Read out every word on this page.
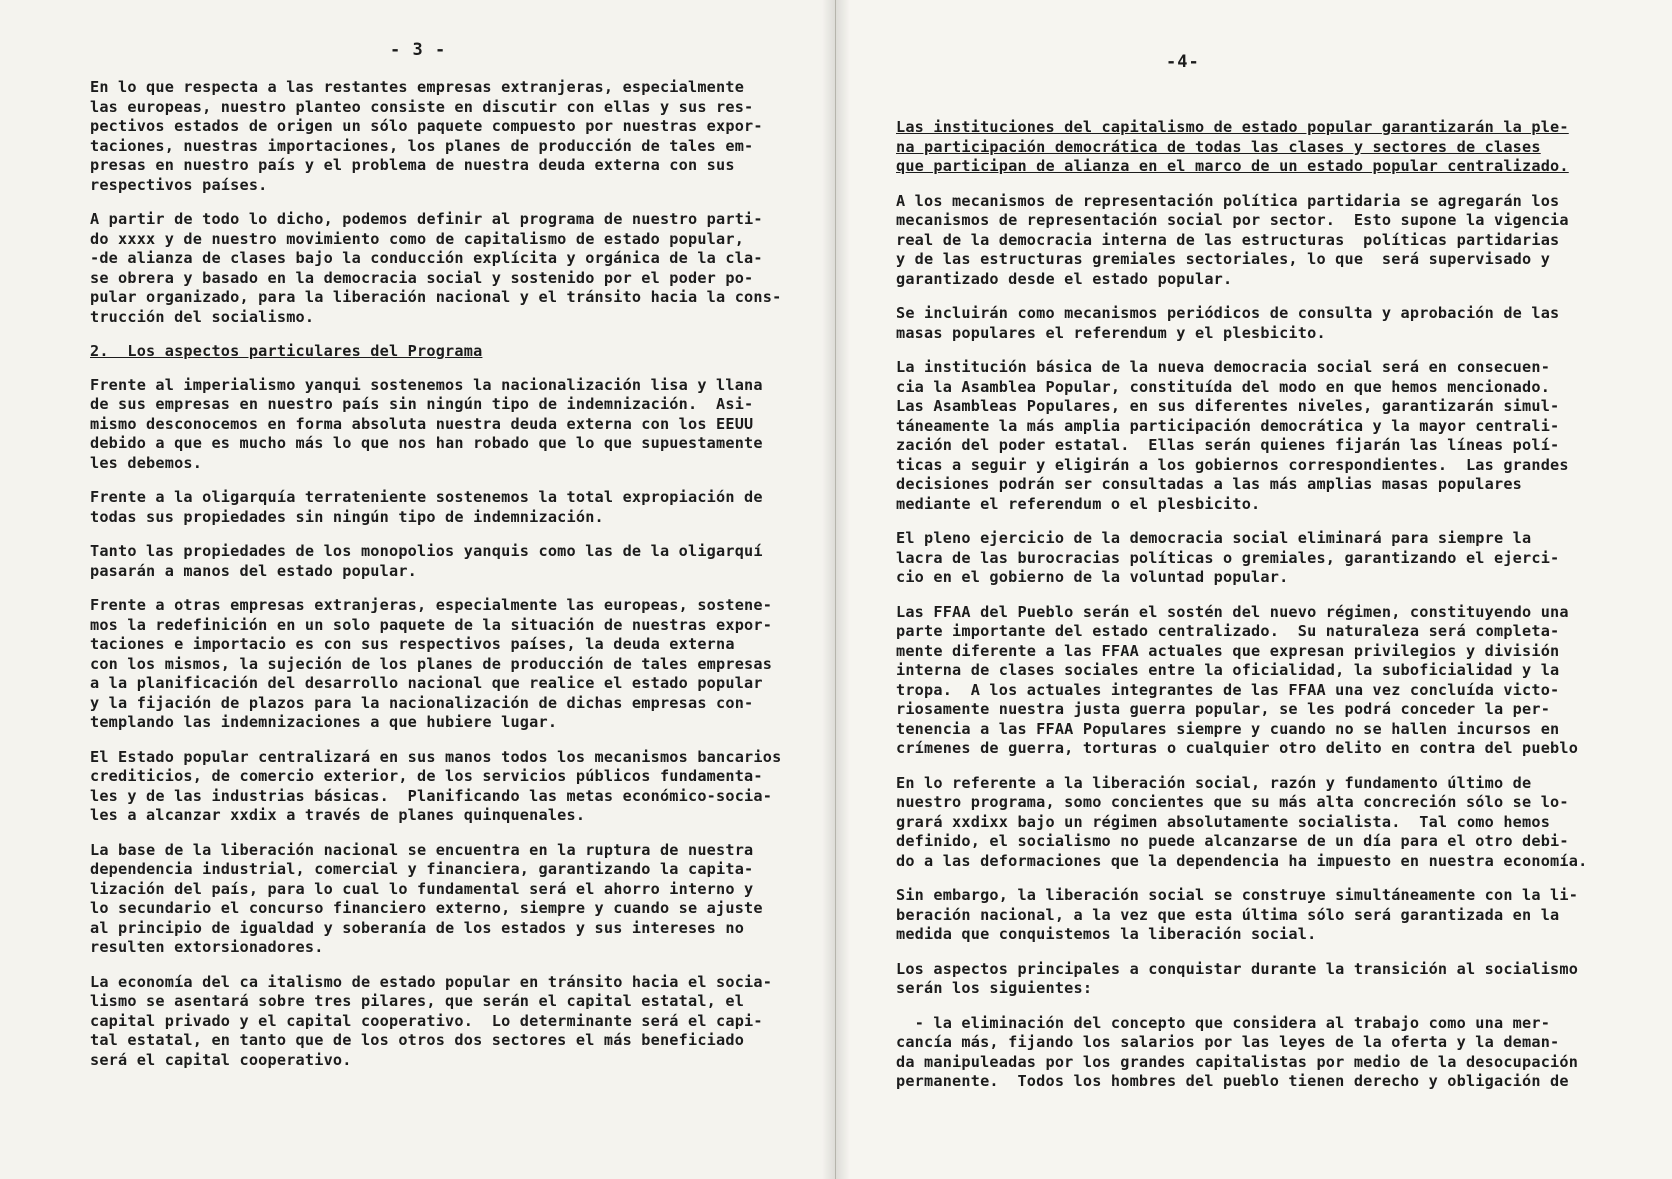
- 3 -

En lo que respecta a las restantes empresas extranjeras, especialmente
las europeas, nuestro planteo consiste en discutir con ellas y sus res-
pectivos estados de origen un sólo paquete compuesto por nuestras expor-
taciones, nuestras importaciones, los planes de producción de tales em-
presas en nuestro país y el problema de nuestra deuda externa con sus
respectivos países.

A partir de todo lo dicho, podemos definir al programa de nuestro parti-
do xxxx y de nuestro movimiento como de capitalismo de estado popular,
-de alianza de clases bajo la conducción explícita y orgánica de la cla-
se obrera y basado en la democracia social y sostenido por el poder po-
pular organizado, para la liberación nacional y el tránsito hacia la cons-
trucción del socialismo.

2.  Los aspectos particulares del Programa

Frente al imperialismo yanqui sostenemos la nacionalización lisa y llana
de sus empresas en nuestro país sin ningún tipo de indemnización.  Asi-
mismo desconocemos en forma absoluta nuestra deuda externa con los EEUU
debido a que es mucho más lo que nos han robado que lo que supuestamente
les debemos.

Frente a la oligarquía terrateniente sostenemos la total expropiación de
todas sus propiedades sin ningún tipo de indemnización.

Tanto las propiedades de los monopolios yanquis como las de la oligarquí
pasarán a manos del estado popular.

Frente a otras empresas extranjeras, especialmente las europeas, sostene-
mos la redefinición en un solo paquete de la situación de nuestras expor-
taciones e importacio es con sus respectivos países, la deuda externa
con los mismos, la sujeción de los planes de producción de tales empresas
a la planificación del desarrollo nacional que realice el estado popular
y la fijación de plazos para la nacionalización de dichas empresas con-
templando las indemnizaciones a que hubiere lugar.

El Estado popular centralizará en sus manos todos los mecanismos bancarios
crediticios, de comercio exterior, de los servicios públicos fundamenta-
les y de las industrias básicas.  Planificando las metas económico-socia-
les a alcanzar xxdix a través de planes quinquenales.

La base de la liberación nacional se encuentra en la ruptura de nuestra
dependencia industrial, comercial y financiera, garantizando la capita-
lización del país, para lo cual lo fundamental será el ahorro interno y
lo secundario el concurso financiero externo, siempre y cuando se ajuste
al principio de igualdad y soberanía de los estados y sus intereses no
resulten extorsionadores.

La economía del ca italismo de estado popular en tránsito hacia el socia-
lismo se asentará sobre tres pilares, que serán el capital estatal, el
capital privado y el capital cooperativo.  Lo determinante será el capi-
tal estatal, en tanto que de los otros dos sectores el más beneficiado
será el capital cooperativo.

-4-

Las instituciones del capitalismo de estado popular garantizarán la ple-
na participación democrática de todas las clases y sectores de clases
que participan de alianza en el marco de un estado popular centralizado.

A los mecanismos de representación política partidaria se agregarán los
mecanismos de representación social por sector.  Esto supone la vigencia
real de la democracia interna de las estructuras  políticas partidarias
y de las estructuras gremiales sectoriales, lo que  será supervisado y
garantizado desde el estado popular.

Se incluirán como mecanismos periódicos de consulta y aprobación de las
masas populares el referendum y el plesbicito.

La institución básica de la nueva democracia social será en consecuen-
cia la Asamblea Popular, constituída del modo en que hemos mencionado.
Las Asambleas Populares, en sus diferentes niveles, garantizarán simul-
táneamente la más amplia participación democrática y la mayor centrali-
zación del poder estatal.  Ellas serán quienes fijarán las líneas polí-
ticas a seguir y eligirán a los gobiernos correspondientes.  Las grandes
decisiones podrán ser consultadas a las más amplias masas populares
mediante el referendum o el plesbicito.

El pleno ejercicio de la democracia social eliminará para siempre la
lacra de las burocracias políticas o gremiales, garantizando el ejerci-
cio en el gobierno de la voluntad popular.

Las FFAA del Pueblo serán el sostén del nuevo régimen, constituyendo una
parte importante del estado centralizado.  Su naturaleza será completa-
mente diferente a las FFAA actuales que expresan privilegios y división
interna de clases sociales entre la oficialidad, la suboficialidad y la
tropa.  A los actuales integrantes de las FFAA una vez concluída victo-
riosamente nuestra justa guerra popular, se les podrá conceder la per-
tenencia a las FFAA Populares siempre y cuando no se hallen incursos en
crímenes de guerra, torturas o cualquier otro delito en contra del pueblo

En lo referente a la liberación social, razón y fundamento último de
nuestro programa, somo concientes que su más alta concreción sólo se lo-
grará xxdixx bajo un régimen absolutamente socialista.  Tal como hemos
definido, el socialismo no puede alcanzarse de un día para el otro debi-
do a las deformaciones que la dependencia ha impuesto en nuestra economía.

Sin embargo, la liberación social se construye simultáneamente con la li-
beración nacional, a la vez que esta última sólo será garantizada en la
medida que conquistemos la liberación social.

Los aspectos principales a conquistar durante la transición al socialismo
serán los siguientes:

- la eliminación del concepto que considera al trabajo como una mer-
cancía más, fijando los salarios por las leyes de la oferta y la deman-
da manipuleadas por los grandes capitalistas por medio de la desocupación
permanente.  Todos los hombres del pueblo tienen derecho y obligación de
